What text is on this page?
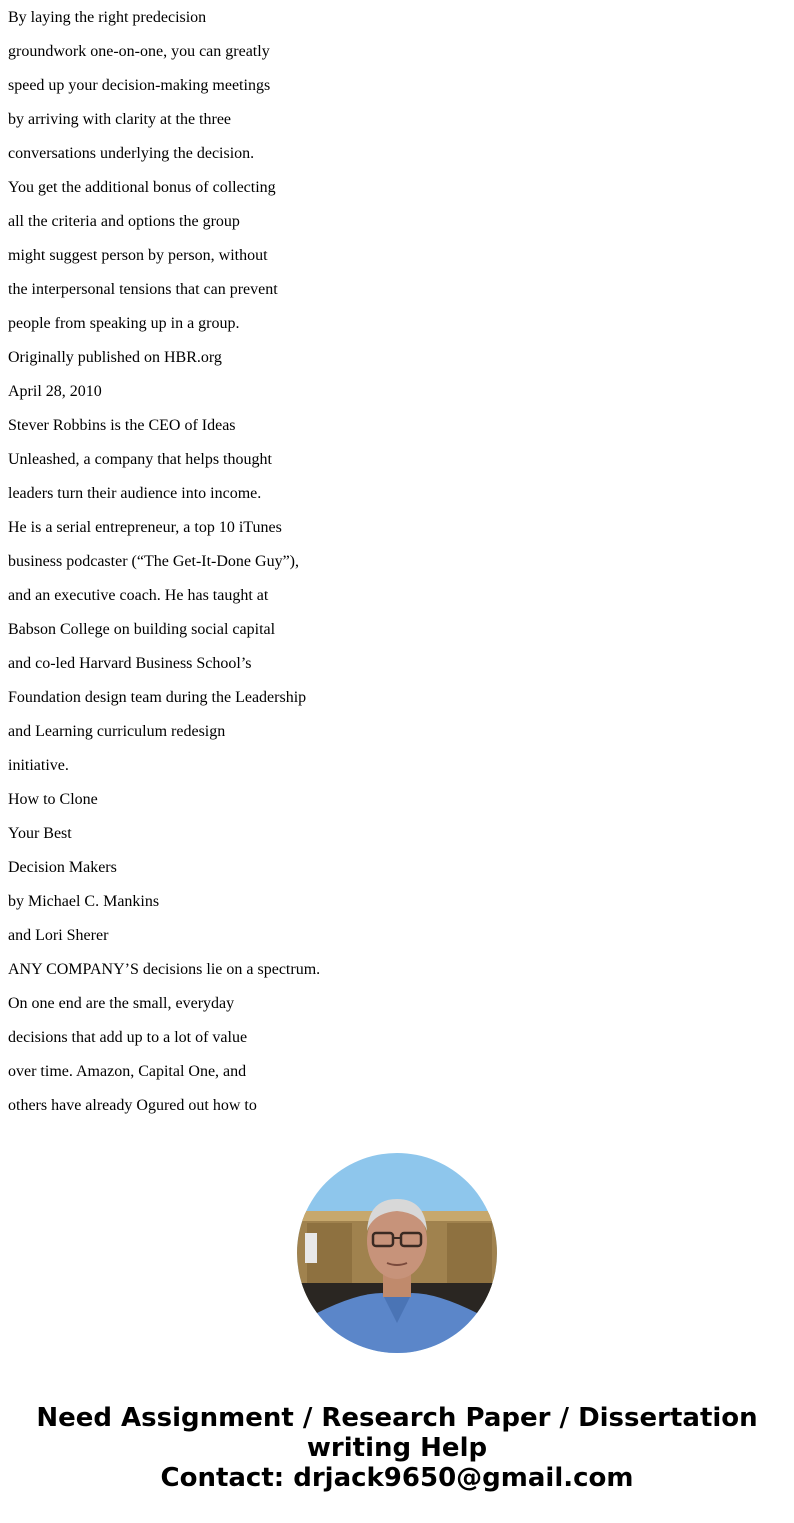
By laying the right predecision

groundwork one-on-one, you can greatly

speed up your decision-making meetings

by arriving with clarity at the three

conversations underlying the decision.

You get the additional bonus of collecting

all the criteria and options the group

might suggest person by person, without

the interpersonal tensions that can prevent

people from speaking up in a group.

Originally published on HBR.org

April 28, 2010

Stever Robbins is the CEO of Ideas

Unleashed, a company that helps thought

leaders turn their audience into income.

He is a serial entrepreneur, a top 10 iTunes

business podcaster (“The Get-It-Done Guy”),

and an executive coach. He has taught at

Babson College on building social capital

and co-led Harvard Business School’s

Foundation design team during the Leadership

and Learning curriculum redesign

initiative.

How to Clone

Your Best

Decision Makers

by Michael C. Mankins

and Lori Sherer

ANY COMPANY’S decisions lie on a spectrum.

On one end are the small, everyday

decisions that add up to a lot of value

over time. Amazon, Capital One, and

others have already Ogured out how to

Need Assignment / Research Paper / Dissertation
writing Help
Contact: drjack9650@gmail.com
